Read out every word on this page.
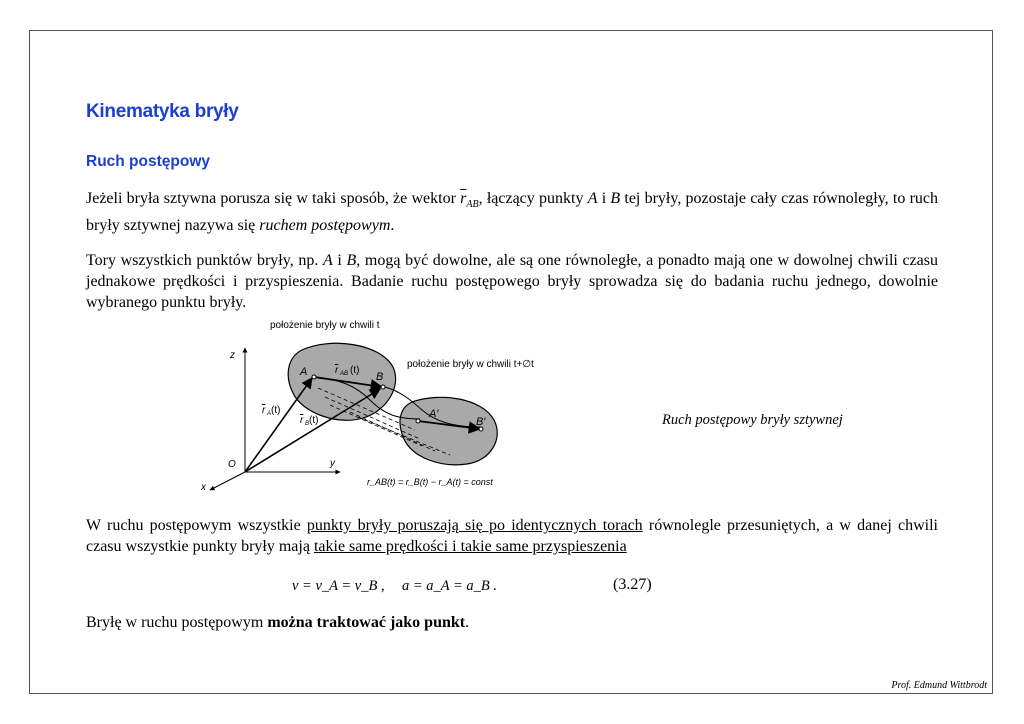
Kinematyka bryły
Ruch postępowy
Jeżeli bryła sztywna porusza się w taki sposób, że wektor $\overline{r}_{AB}$, łączący punkty A i B tej bryły, pozostaje cały czas równoległy, to ruch bryły sztywnej nazywa się ruchem postępowym.
Tory wszystkich punktów bryły, np. A i B, mogą być dowolne, ale są one równoległe, a ponadto mają one w dowolnej chwili czasu jednakowe prędkości i przyspieszenia. Badanie ruchu postępowego bryły sprowadza się do badania ruchu jednego, dowolnie wybranego punktu bryły.
położenie bryły w chwili t
położenie bryły w chwili t+∅t
z
y
x
O
A	B
A′
B′
r AB (t)
r A (t)
r B (t)
r_AB(t) = r_B(t) − r_A(t) = const
Ruch postępowy bryły sztywnej
W ruchu postępowym wszystkie punkty bryły poruszają się po identycznych torach równolegle przesuniętych, a w danej chwili czasu wszystkie punkty bryły mają takie same prędkości i takie same przyspieszenia
v = v_A = v_B , a = a_A = a_B .	(3.27)
Bryłę w ruchu postępowym można traktować jako punkt.
Prof. Edmund Wittbrodt
